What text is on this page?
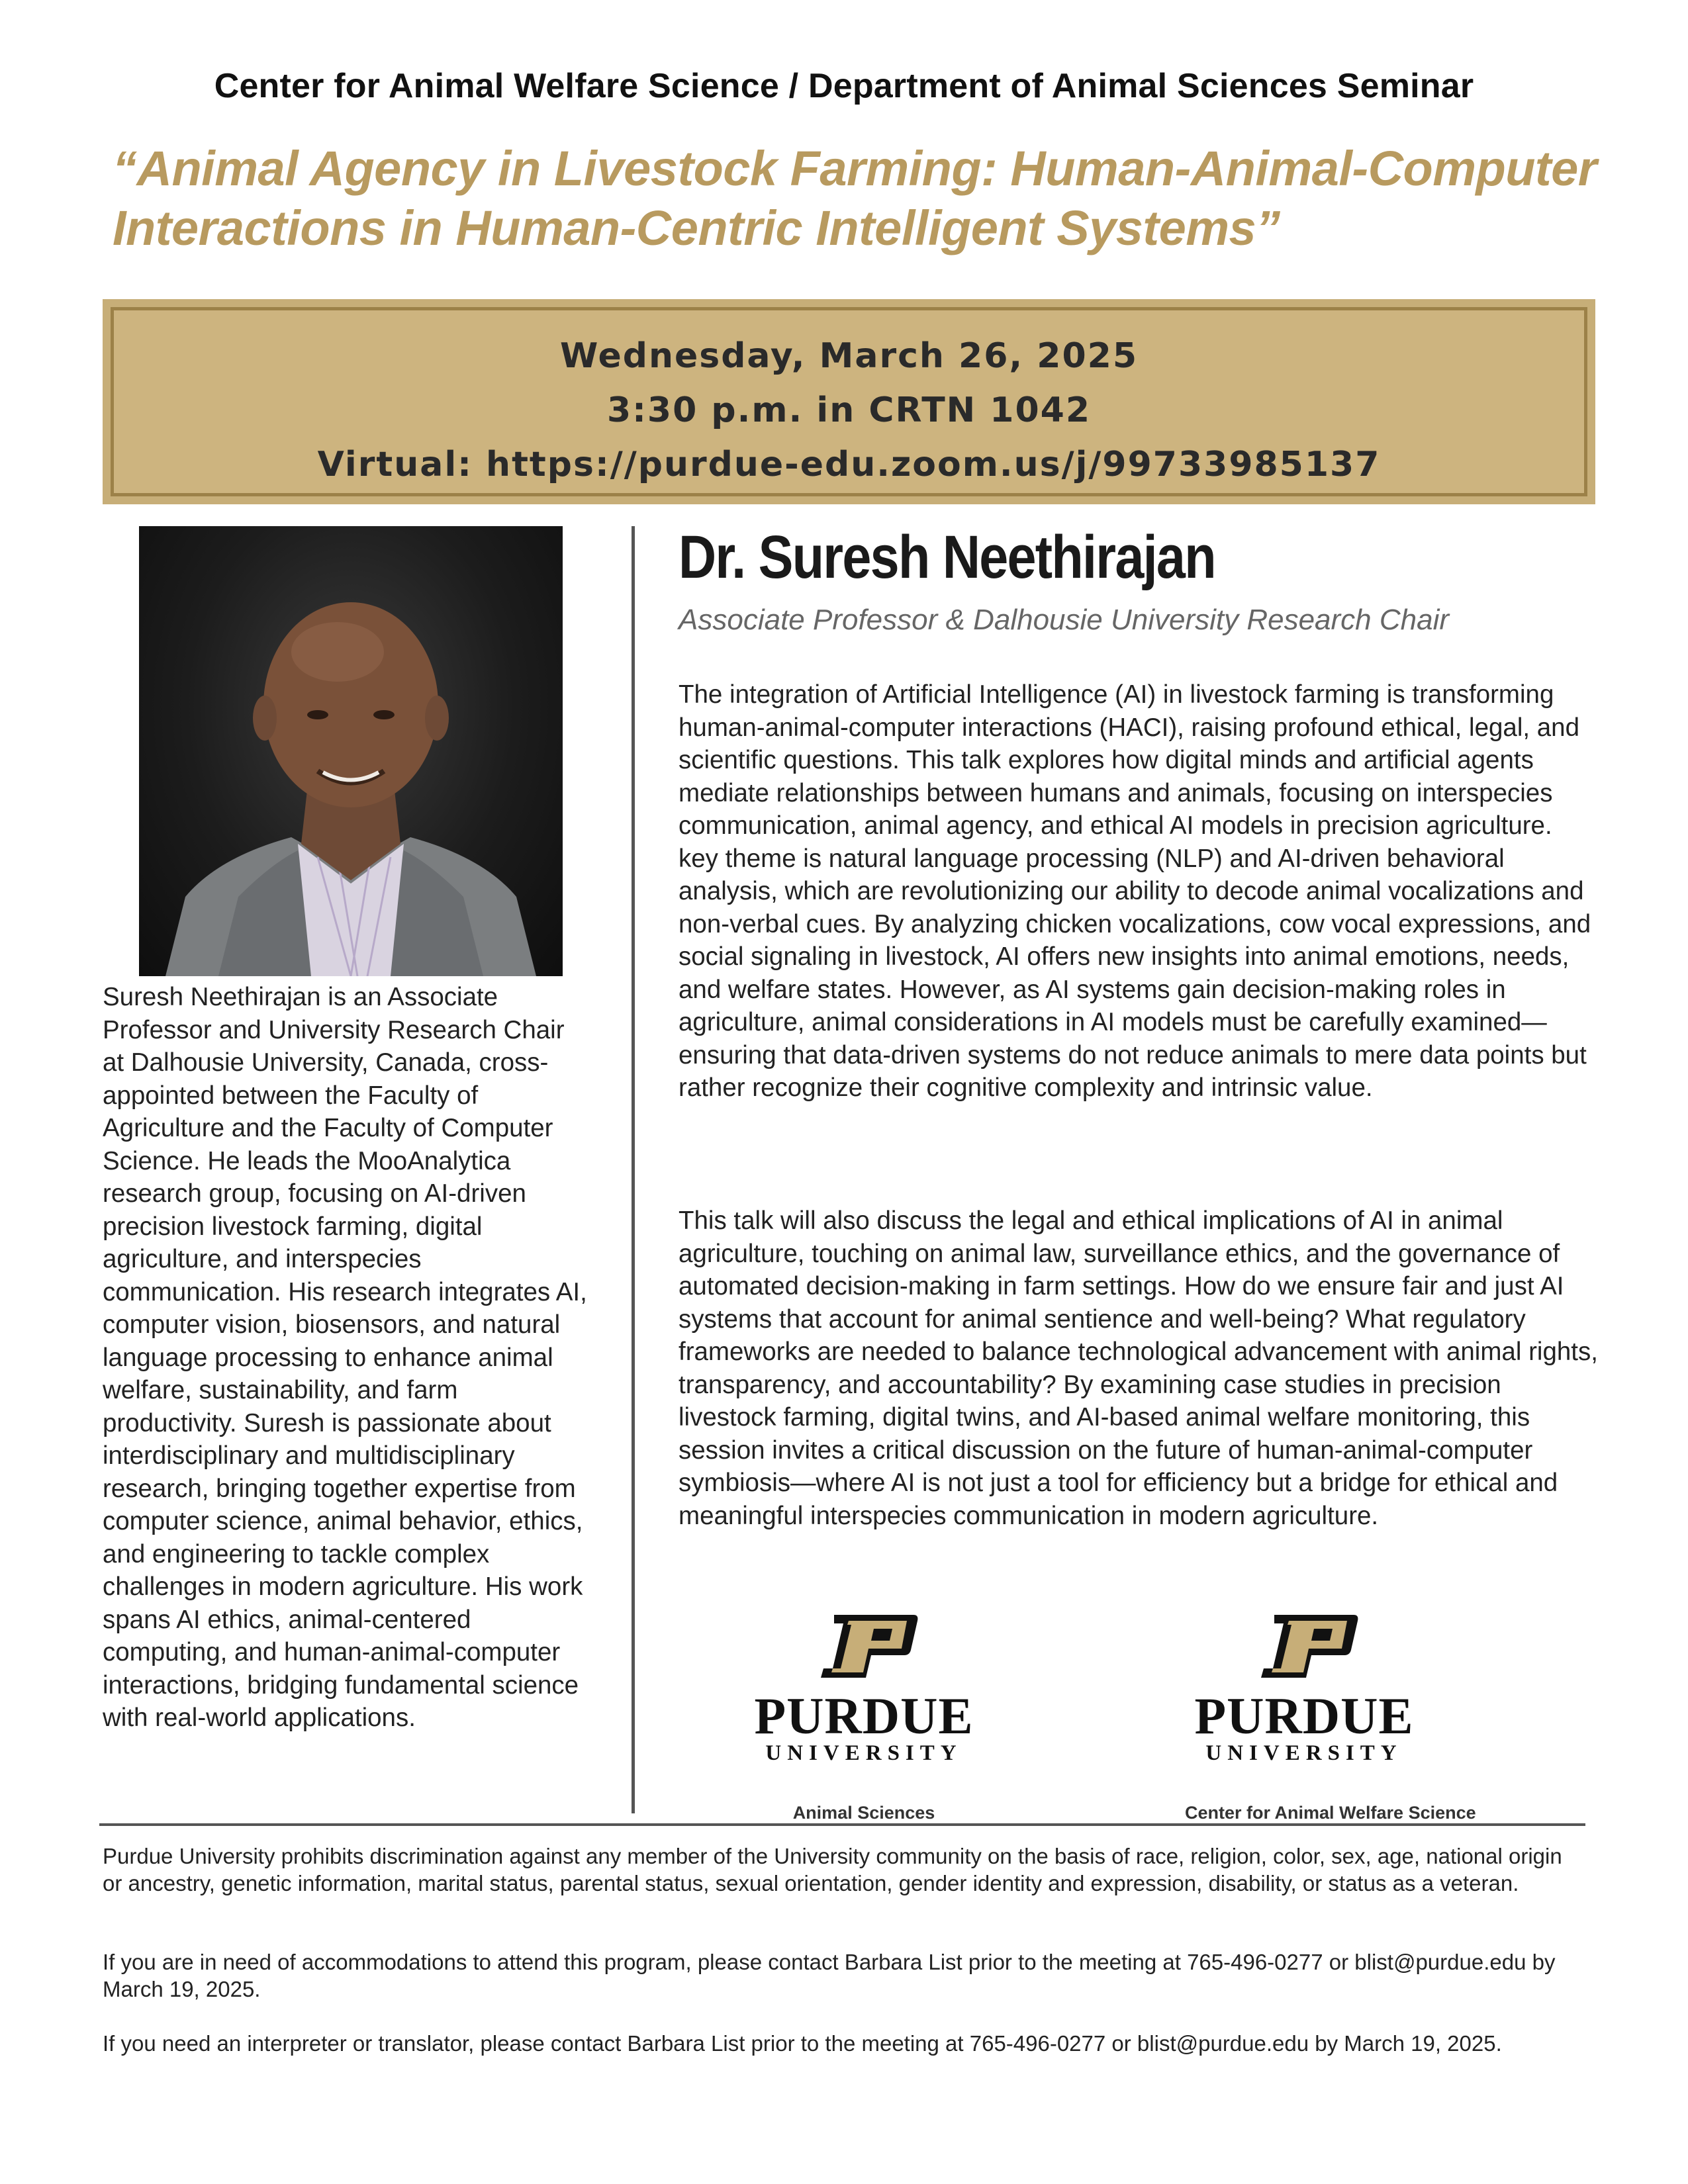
Center for Animal Welfare Science / Department of Animal Sciences Seminar
“Animal Agency in Livestock Farming: Human-Animal-Computer
Interactions in Human-Centric Intelligent Systems”
Wednesday, March 26, 2025
3:30 p.m. in CRTN 1042
Virtual: https://purdue-edu.zoom.us/j/99733985137
Suresh Neethirajan is an Associate Professor and University Research Chair at Dalhousie University, Canada, cross-appointed between the Faculty of Agriculture and the Faculty of Computer Science. He leads the MooAnalytica research group, focusing on AI-driven precision livestock farming, digital agriculture, and interspecies communication. His research integrates AI, computer vision, biosensors, and natural language processing to enhance animal welfare, sustainability, and farm productivity. Suresh is passionate about interdisciplinary and multidisciplinary research, bringing together expertise from computer science, animal behavior, ethics, and engineering to tackle complex challenges in modern agriculture. His work spans AI ethics, animal-centered computing, and human-animal-computer interactions, bridging fundamental science with real-world applications.
Dr. Suresh Neethirajan
Associate Professor & Dalhousie University Research Chair
The integration of Artificial Intelligence (AI) in livestock farming is transforming human-animal-computer interactions (HACI), raising profound ethical, legal, and scientific questions. This talk explores how digital minds and artificial agents mediate relationships between humans and animals, focusing on interspecies communication, animal agency, and ethical AI models in precision agriculture. key theme is natural language processing (NLP) and AI-driven behavioral analysis, which are revolutionizing our ability to decode animal vocalizations and non-verbal cues. By analyzing chicken vocalizations, cow vocal expressions, and social signaling in livestock, AI offers new insights into animal emotions, needs, and welfare states. However, as AI systems gain decision-making roles in agriculture, animal considerations in AI models must be carefully examined—ensuring that data-driven systems do not reduce animals to mere data points but rather recognize their cognitive complexity and intrinsic value.
This talk will also discuss the legal and ethical implications of AI in animal agriculture, touching on animal law, surveillance ethics, and the governance of automated decision-making in farm settings. How do we ensure fair and just AI systems that account for animal sentience and well-being? What regulatory frameworks are needed to balance technological advancement with animal rights, transparency, and accountability? By examining case studies in precision livestock farming, digital twins, and AI-based animal welfare monitoring, this session invites a critical discussion on the future of human-animal-computer symbiosis—where AI is not just a tool for efficiency but a bridge for ethical and meaningful interspecies communication in modern agriculture.
PURDUE
UNIVERSITY
Animal Sciences
PURDUE
UNIVERSITY
Center for Animal Welfare Science
Purdue University prohibits discrimination against any member of the University community on the basis of race, religion, color, sex, age, national origin or ancestry, genetic information, marital status, parental status, sexual orientation, gender identity and expression, disability, or status as a veteran.
If you are in need of accommodations to attend this program, please contact Barbara List prior to the meeting at 765-496-0277 or blist@purdue.edu by March 19, 2025.
If you need an interpreter or translator, please contact Barbara List prior to the meeting at 765-496-0277 or blist@purdue.edu by March 19, 2025.
